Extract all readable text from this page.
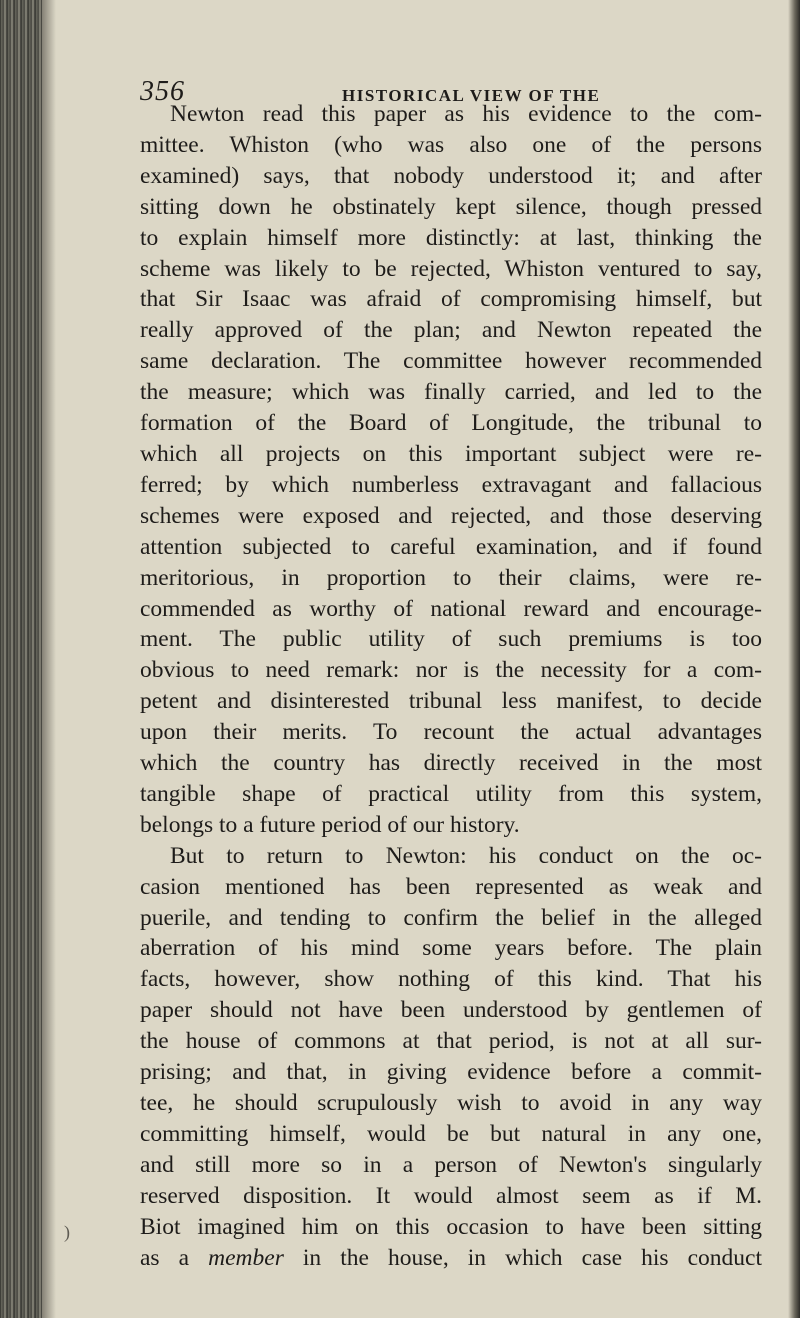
356	HISTORICAL VIEW OF THE
Newton read this paper as his evidence to the com-
mittee. Whiston (who was also one of the persons
examined) says, that nobody understood it; and after
sitting down he obstinately kept silence, though pressed
to explain himself more distinctly: at last, thinking the
scheme was likely to be rejected, Whiston ventured to say,
that Sir Isaac was afraid of compromising himself, but
really approved of the plan; and Newton repeated the
same declaration. The committee however recommended
the measure; which was finally carried, and led to the
formation of the Board of Longitude, the tribunal to
which all projects on this important subject were re-
ferred; by which numberless extravagant and fallacious
schemes were exposed and rejected, and those deserving
attention subjected to careful examination, and if found
meritorious, in proportion to their claims, were re-
commended as worthy of national reward and encourage-
ment. The public utility of such premiums is too
obvious to need remark: nor is the necessity for a com-
petent and disinterested tribunal less manifest, to decide
upon their merits. To recount the actual advantages
which the country has directly received in the most
tangible shape of practical utility from this system,
belongs to a future period of our history.
But to return to Newton: his conduct on the oc-
casion mentioned has been represented as weak and
puerile, and tending to confirm the belief in the alleged
aberration of his mind some years before. The plain
facts, however, show nothing of this kind. That his
paper should not have been understood by gentlemen of
the house of commons at that period, is not at all sur-
prising; and that, in giving evidence before a commit-
tee, he should scrupulously wish to avoid in any way
committing himself, would be but natural in any one,
and still more so in a person of Newton's singularly
reserved disposition. It would almost seem as if M.
Biot imagined him on this occasion to have been sitting
as a member in the house, in which case his conduct
)
